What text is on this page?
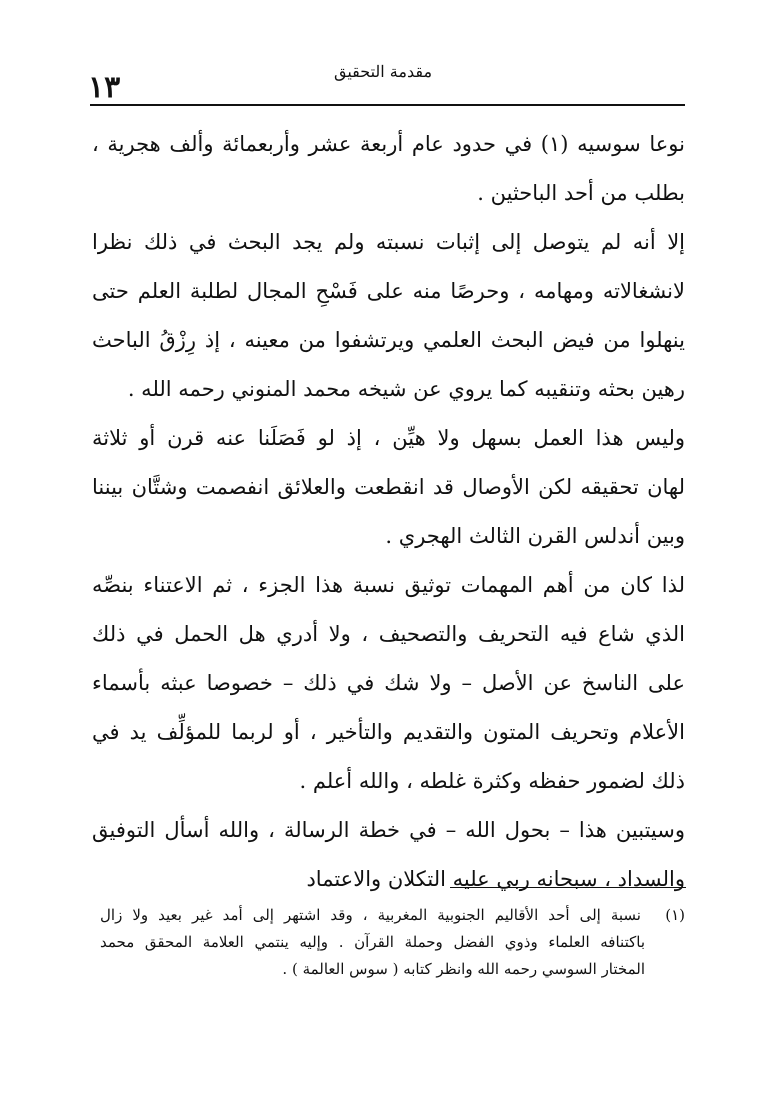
مقدمة التحقيق
١٣
نوعا سوسيه (١) في حدود عام أربعة عشر وأربعمائة وألف هجرية ،
بطلب من أحد الباحثين .
إلا أنه لم يتوصل إلى إثبات نسبته ولم يجد البحث في ذلك نظرا
لانشغالاته ومهامه ، وحرصًا منه على فَسْحِ المجال لطلبة العلم حتى
ينهلوا من فيض البحث العلمي ويرتشفوا من معينه ، إذ رِزْقُ الباحث
رهين بحثه وتنقيبه كما يروي عن شيخه محمد المنوني رحمه الله .
وليس هذا العمل بسهل ولا هيِّن ، إذ لو فَصَلَنا عنه قرن أو ثلاثة
لهان تحقيقه لكن الأوصال قد انقطعت والعلائق انفصمت وشتَّان بيننا
وبين أندلس القرن الثالث الهجري .
لذا كان من أهم المهمات توثيق نسبة هذا الجزء ، ثم الاعتناء بنصِّه
الذي شاع فيه التحريف والتصحيف ، ولا أدري هل الحمل في ذلك
على الناسخ عن الأصل – ولا شك في ذلك – خصوصا عبثه بأسماء
الأعلام وتحريف المتون والتقديم والتأخير ، أو لربما للمؤلِّف يد في
ذلك لضمور حفظه وكثرة غلطه ، والله أعلم .
وسيتبين هذا – بحول الله – في خطة الرسالة ، والله أسأل التوفيق
والسداد ، سبحانه ربي عليه التكلان والاعتماد
(١) نسبة إلى أحد الأقاليم الجنوبية المغربية ، وقد اشتهر إلى أمد غير بعيد ولا زال
باكتنافه العلماء وذوي الفضل وحملة القرآن . وإليه ينتمي العلامة المحقق محمد
المختار السوسي رحمه الله وانظر كتابه ( سوس العالمة ) .
